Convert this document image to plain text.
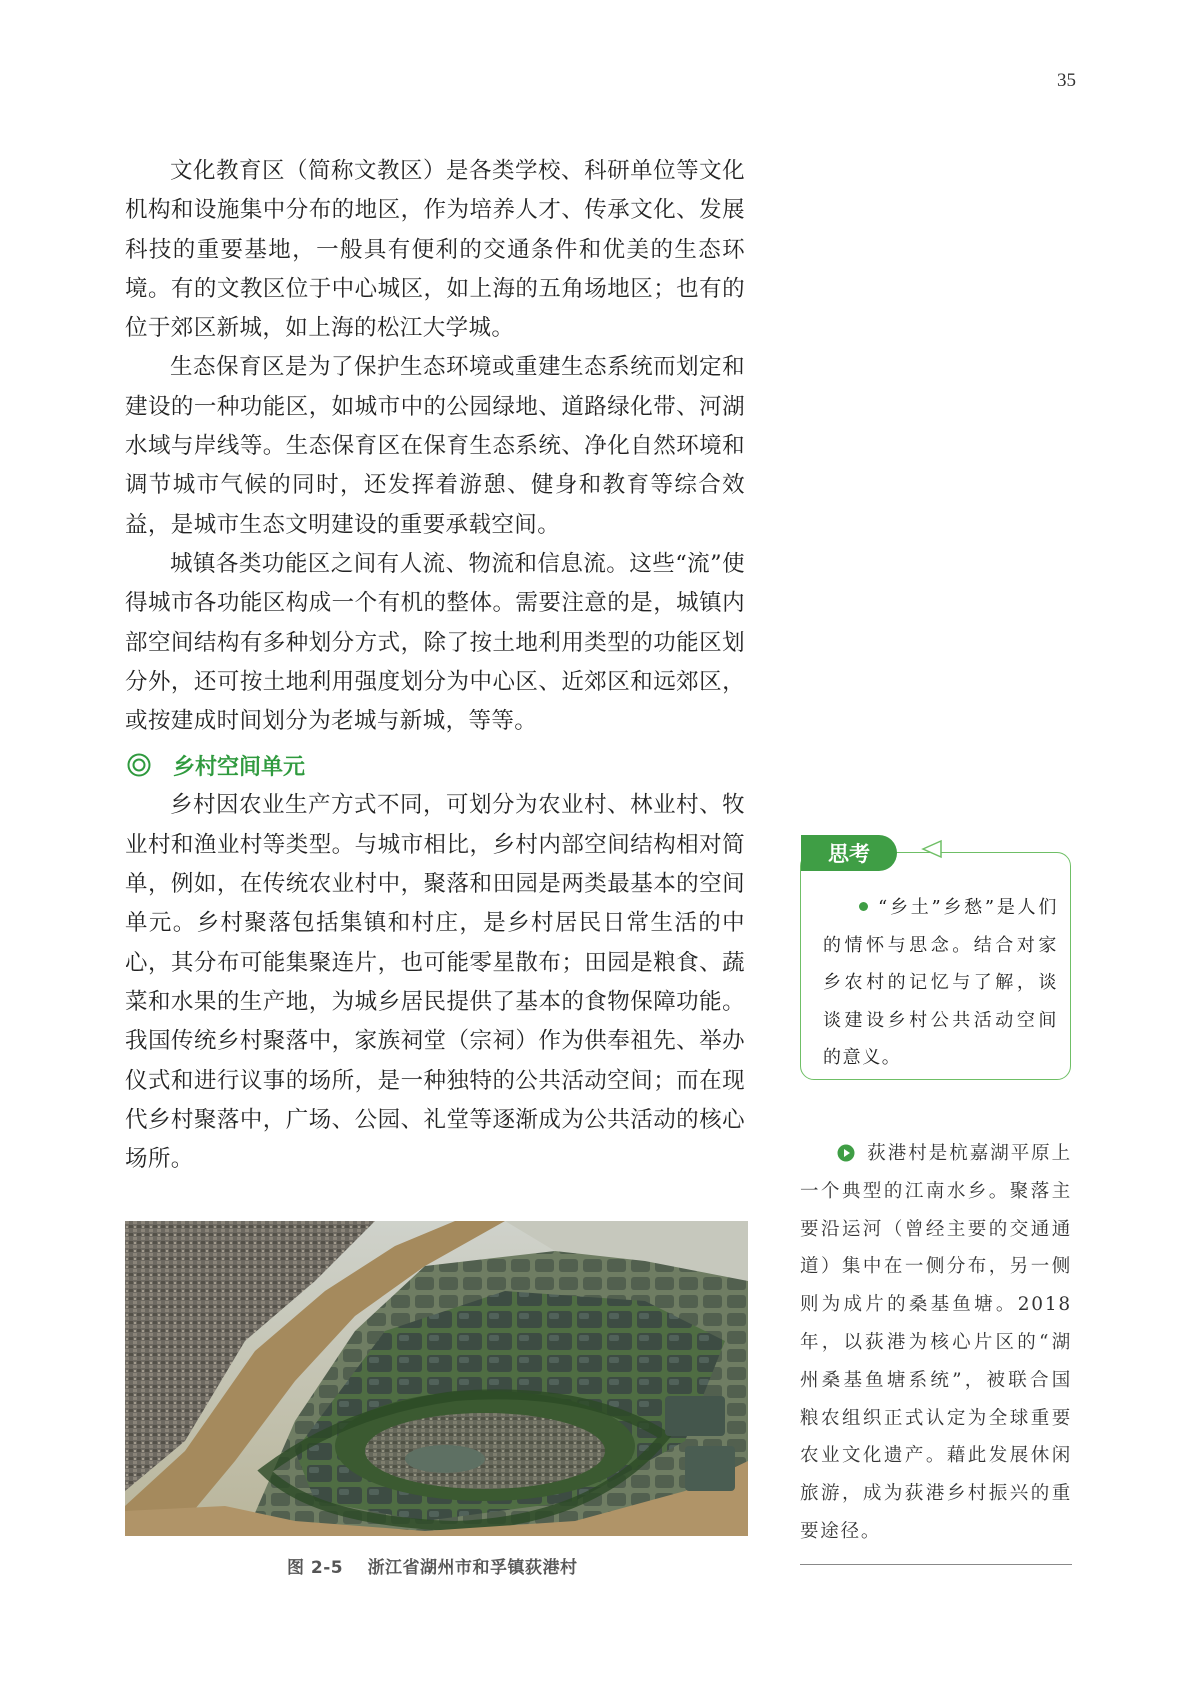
35

文化教育区（简称文教区）是各类学校、科研单位等文化机构和设施集中分布的地区，作为培养人才、传承文化、发展科技的重要基地，一般具有便利的交通条件和优美的生态环境。有的文教区位于中心城区，如上海的五角场地区；也有的位于郊区新城，如上海的松江大学城。

生态保育区是为了保护生态环境或重建生态系统而划定和建设的一种功能区，如城市中的公园绿地、道路绿化带、河湖水域与岸线等。生态保育区在保育生态系统、净化自然环境和调节城市气候的同时，还发挥着游憩、健身和教育等综合效益，是城市生态文明建设的重要承载空间。

城镇各类功能区之间有人流、物流和信息流。这些“流”使得城市各功能区构成一个有机的整体。需要注意的是，城镇内部空间结构有多种划分方式，除了按土地利用类型的功能区划分外，还可按土地利用强度划分为中心区、近郊区和远郊区，或按建成时间划分为老城与新城，等等。

乡村空间单元

乡村因农业生产方式不同，可划分为农业村、林业村、牧业村和渔业村等类型。与城市相比，乡村内部空间结构相对简单，例如，在传统农业村中，聚落和田园是两类最基本的空间单元。乡村聚落包括集镇和村庄，是乡村居民日常生活的中心，其分布可能集聚连片，也可能零星散布；田园是粮食、蔬菜和水果的生产地，为城乡居民提供了基本的食物保障功能。我国传统乡村聚落中，家族祠堂（宗祠）作为供奉祖先、举办仪式和进行议事的场所，是一种独特的公共活动空间；而在现代乡村聚落中，广场、公园、礼堂等逐渐成为公共活动的核心场所。

图 2-5 浙江省湖州市和孚镇荻港村
思考

“乡土”乡愁”是人们的情怀与思念。结合对家乡农村的记忆与了解，谈谈建设乡村公共活动空间的意义。

荻港村是杭嘉湖平原上一个典型的江南水乡。聚落主要沿运河（曾经主要的交通通道）集中在一侧分布，另一侧则为成片的桑基鱼塘。2018年，以荻港为核心片区的“湖州桑基鱼塘系统”，被联合国粮农组织正式认定为全球重要农业文化遗产。藉此发展休闲旅游，成为荻港乡村振兴的重要途径。
